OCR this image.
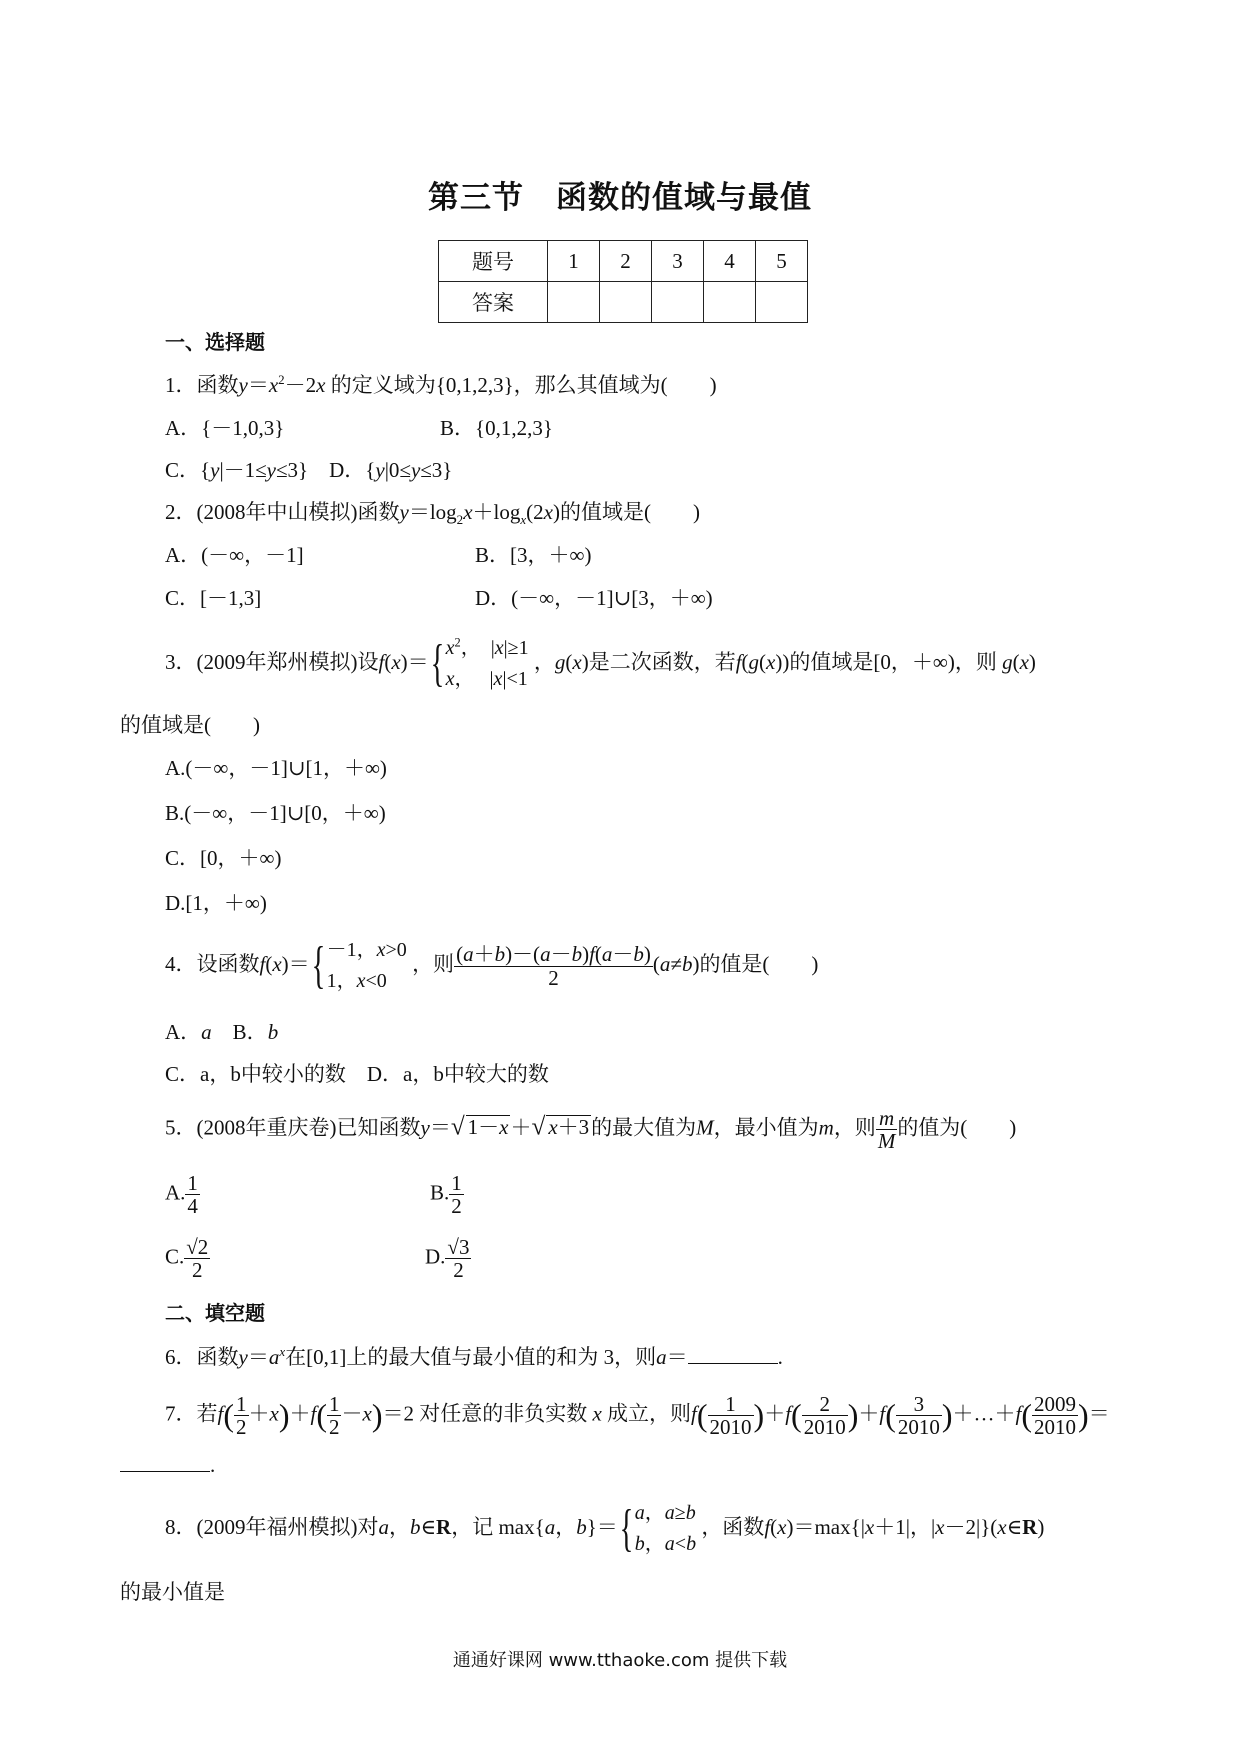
第三节　函数的值域与最值
题号	1	2	3	4	5
答案					
一、选择题
1．函数$y=x^2-2x$ 的定义域为{0,1,2,3}，那么其值域为(　　)
A．{－1,0,3}	B．{0,1,2,3}
C．{y|－1≤y≤3}　D．{y|0≤y≤3}
2．(2008年中山模拟)函数$y=\log_2x+\log_x(2x)$的值域是(　　)
A．(－∞，－1]	B．[3，＋∞)
C．[－1,3]	D．(－∞，－1]∪[3，＋∞)
3．(2009年郑州模拟)设$f(x)=\{x^2$，　|x|≥1
x，　 |x|<1 ，g(x)是二次函数，若f(g(x))的值域是[0，＋∞)，则 g(x)
的值域是(　　)
A.(－∞，－1]∪[1，＋∞)
B.(－∞，－1]∪[0，＋∞)
C．[0，＋∞)
D.[1，＋∞)
4．设函数f(x)＝{－1，x>0
1，x<0 ，则 $\frac{(a+b)-(a-b)f(a-b)}{2} (a\ne b)$的值是(　　)
A．a　 B．b
C．a，b中较小的数　 D．a，b中较大的数
5．(2008年重庆卷)已知函数y＝√ 1－x＋√ x＋3的最大值为M，最小值为m，则 $\frac{m}{M}$ 的值为(　　)
A. $\frac{1}{4}$	B. $\frac{1}{2}$
C. $\frac{√2}{2}$	D. $\frac{√3}{2}$
二、填空题
6．函数$y=a^x$在[0,1]上的最大值与最小值的和为 3，则a＝	.
7．若$f( \frac{1}{2} +x)+f( \frac{1}{2} -x)=2$ 对任意的非负实数 x 成立，则$f( \frac{1}{2010} )+f( \frac{2}{2010} )+f( \frac{3}{2010}$ )＋…＋f( $\frac{2009}{2010}$ )＝
.
8．(2009年福州模拟)对a，b∈R，记 max{a，b}＝{a，a≥b
b，a<b ，函数f(x)＝max{|x＋1|，|x－2|}(x∈R)
的最小值是
通通好课网 www.tthaoke.com 提供下载
